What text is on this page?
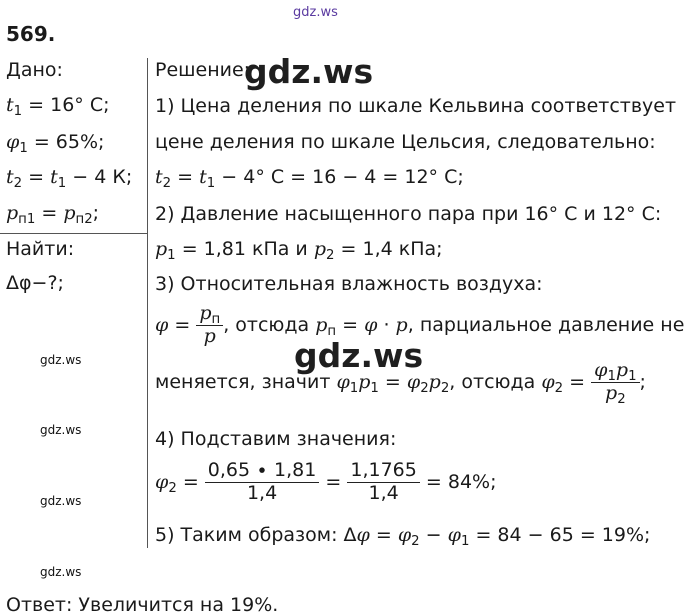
gdz.ws
gdz.ws
gdz.ws
gdz.ws
gdz.ws
gdz.ws
gdz.ws
569.
Дано:
$t_1 = 16^\circ$ C;
$\varphi_1 = 65\%$;
$t_2 = t_1 - 4$ К;
$p_{п1} = p_{п2}$;
Найти:
Δφ−?;
Решение:
1) Цена деления по шкале Кельвина соответствует
цене деления по шкале Цельсия, следовательно:
$t_2 = t_1 - 4^\circ$ C = 16 − 4 = 12° C;
2) Давление насыщенного пара при 16° C и 12° C:
$p_1 = 1,81$ кПа и $p_2 = 1,4$ кПа;
3) Относительная влажность воздуха:
$\varphi = \frac{p_п}{p}$ , отсюда $p_п = \varphi \cdot p$, парциальное давление не
меняется, значит $\varphi_1p_1 = \varphi_2p_2$, отсюда $\varphi_2 = \frac{\varphi_1p_1}{p_2}$ ;
4) Подставим значения:
$\varphi_2 = \frac{0,65 \cdot 1,81}{1,4} = \frac{1,1765}{1,4} = 84\%$;
5) Таким образом: $\Delta\varphi = \varphi_2 - \varphi_1 = 84 - 65 = 19\%$;
Ответ: Увеличится на 19%.
